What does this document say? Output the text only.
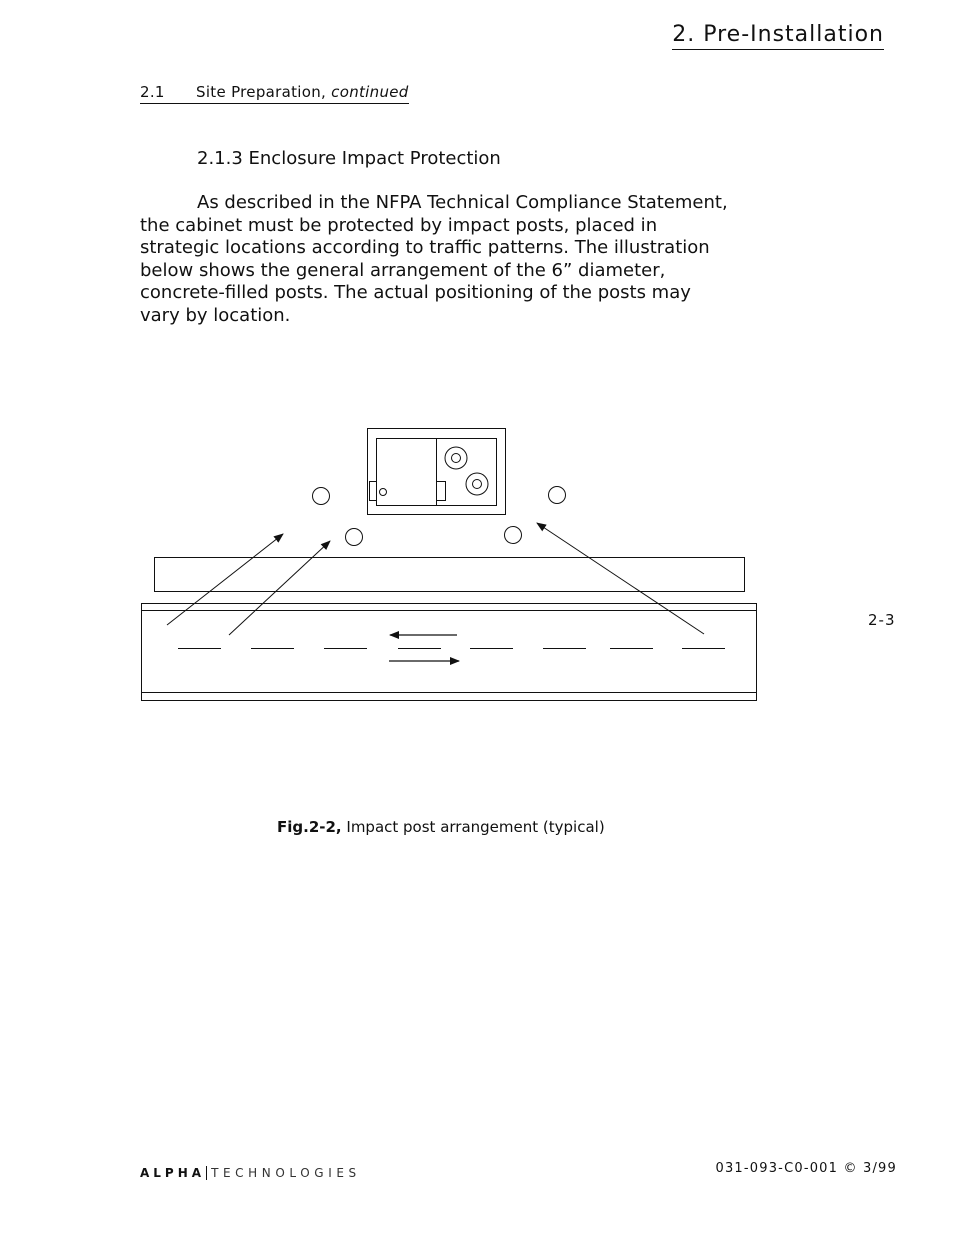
2. Pre-Installation
2.1 Site Preparation, continued
2.1.3 Enclosure Impact Protection
As described in the NFPA Technical Compliance Statement,
the cabinet must be protected by impact posts, placed in
strategic locations according to traffic patterns. The illustration
below shows the general arrangement of the 6” diameter,
concrete-filled posts. The actual positioning of the posts may
vary by location.
Fig.2-2, Impact post arrangement (typical)
2-3
ALPHA TECHNOLOGIES	031-093-C0-001 © 3/99
